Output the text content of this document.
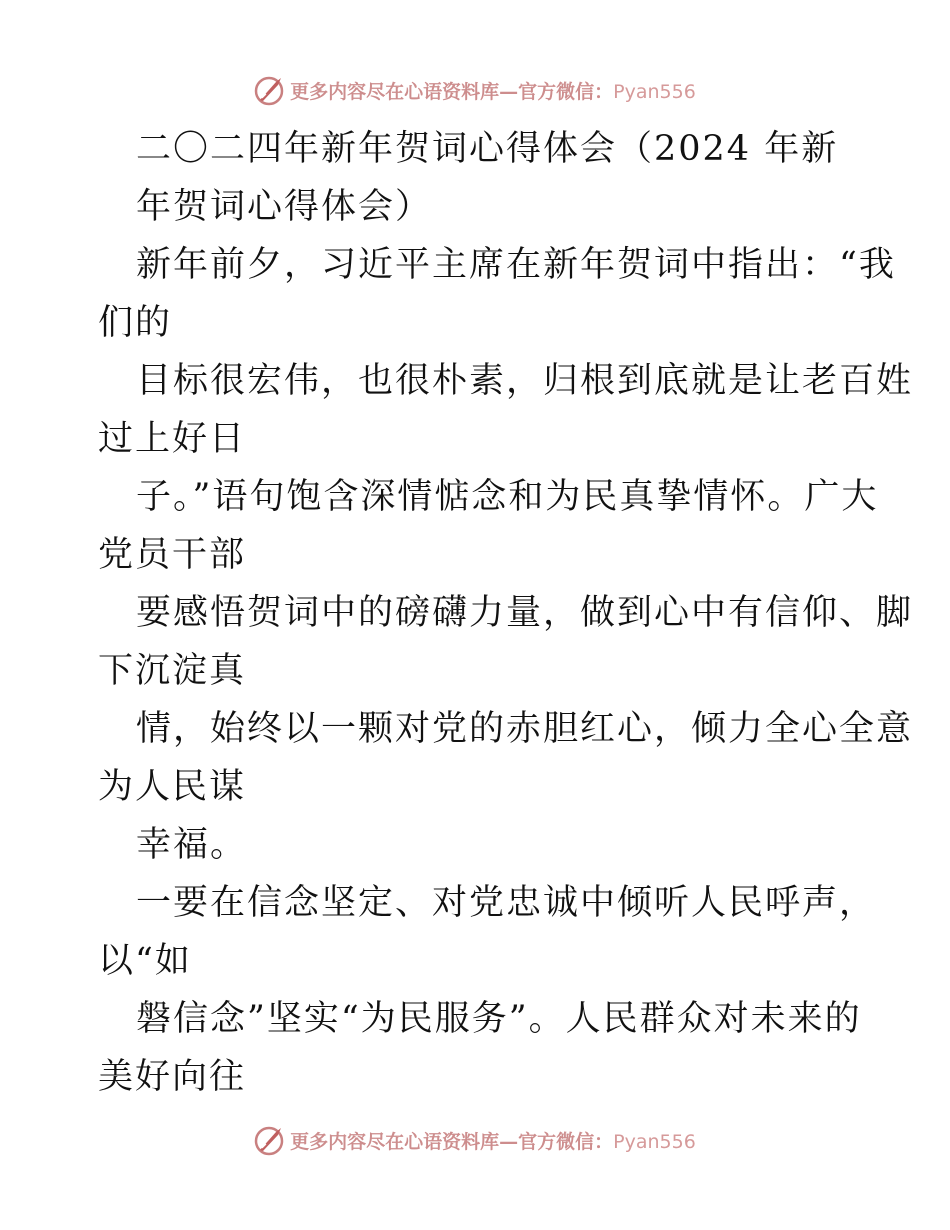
更多内容尽在心语资料库—官方微信：Pyan556
二〇二四年新年贺词心得体会（2024 年新
年贺词心得体会）
新年前夕，习近平主席在新年贺词中指出：“我
们的
目标很宏伟，也很朴素，归根到底就是让老百姓
过上好日
子。”语句饱含深情惦念和为民真挚情怀。广大
党员干部
要感悟贺词中的磅礴力量，做到心中有信仰、脚
下沉淀真
情，始终以一颗对党的赤胆红心，倾力全心全意
为人民谋
幸福。
一要在信念坚定、对党忠诚中倾听人民呼声，
以“如
磐信念”坚实“为民服务”。人民群众对未来的
美好向往
更多内容尽在心语资料库—官方微信：Pyan556
